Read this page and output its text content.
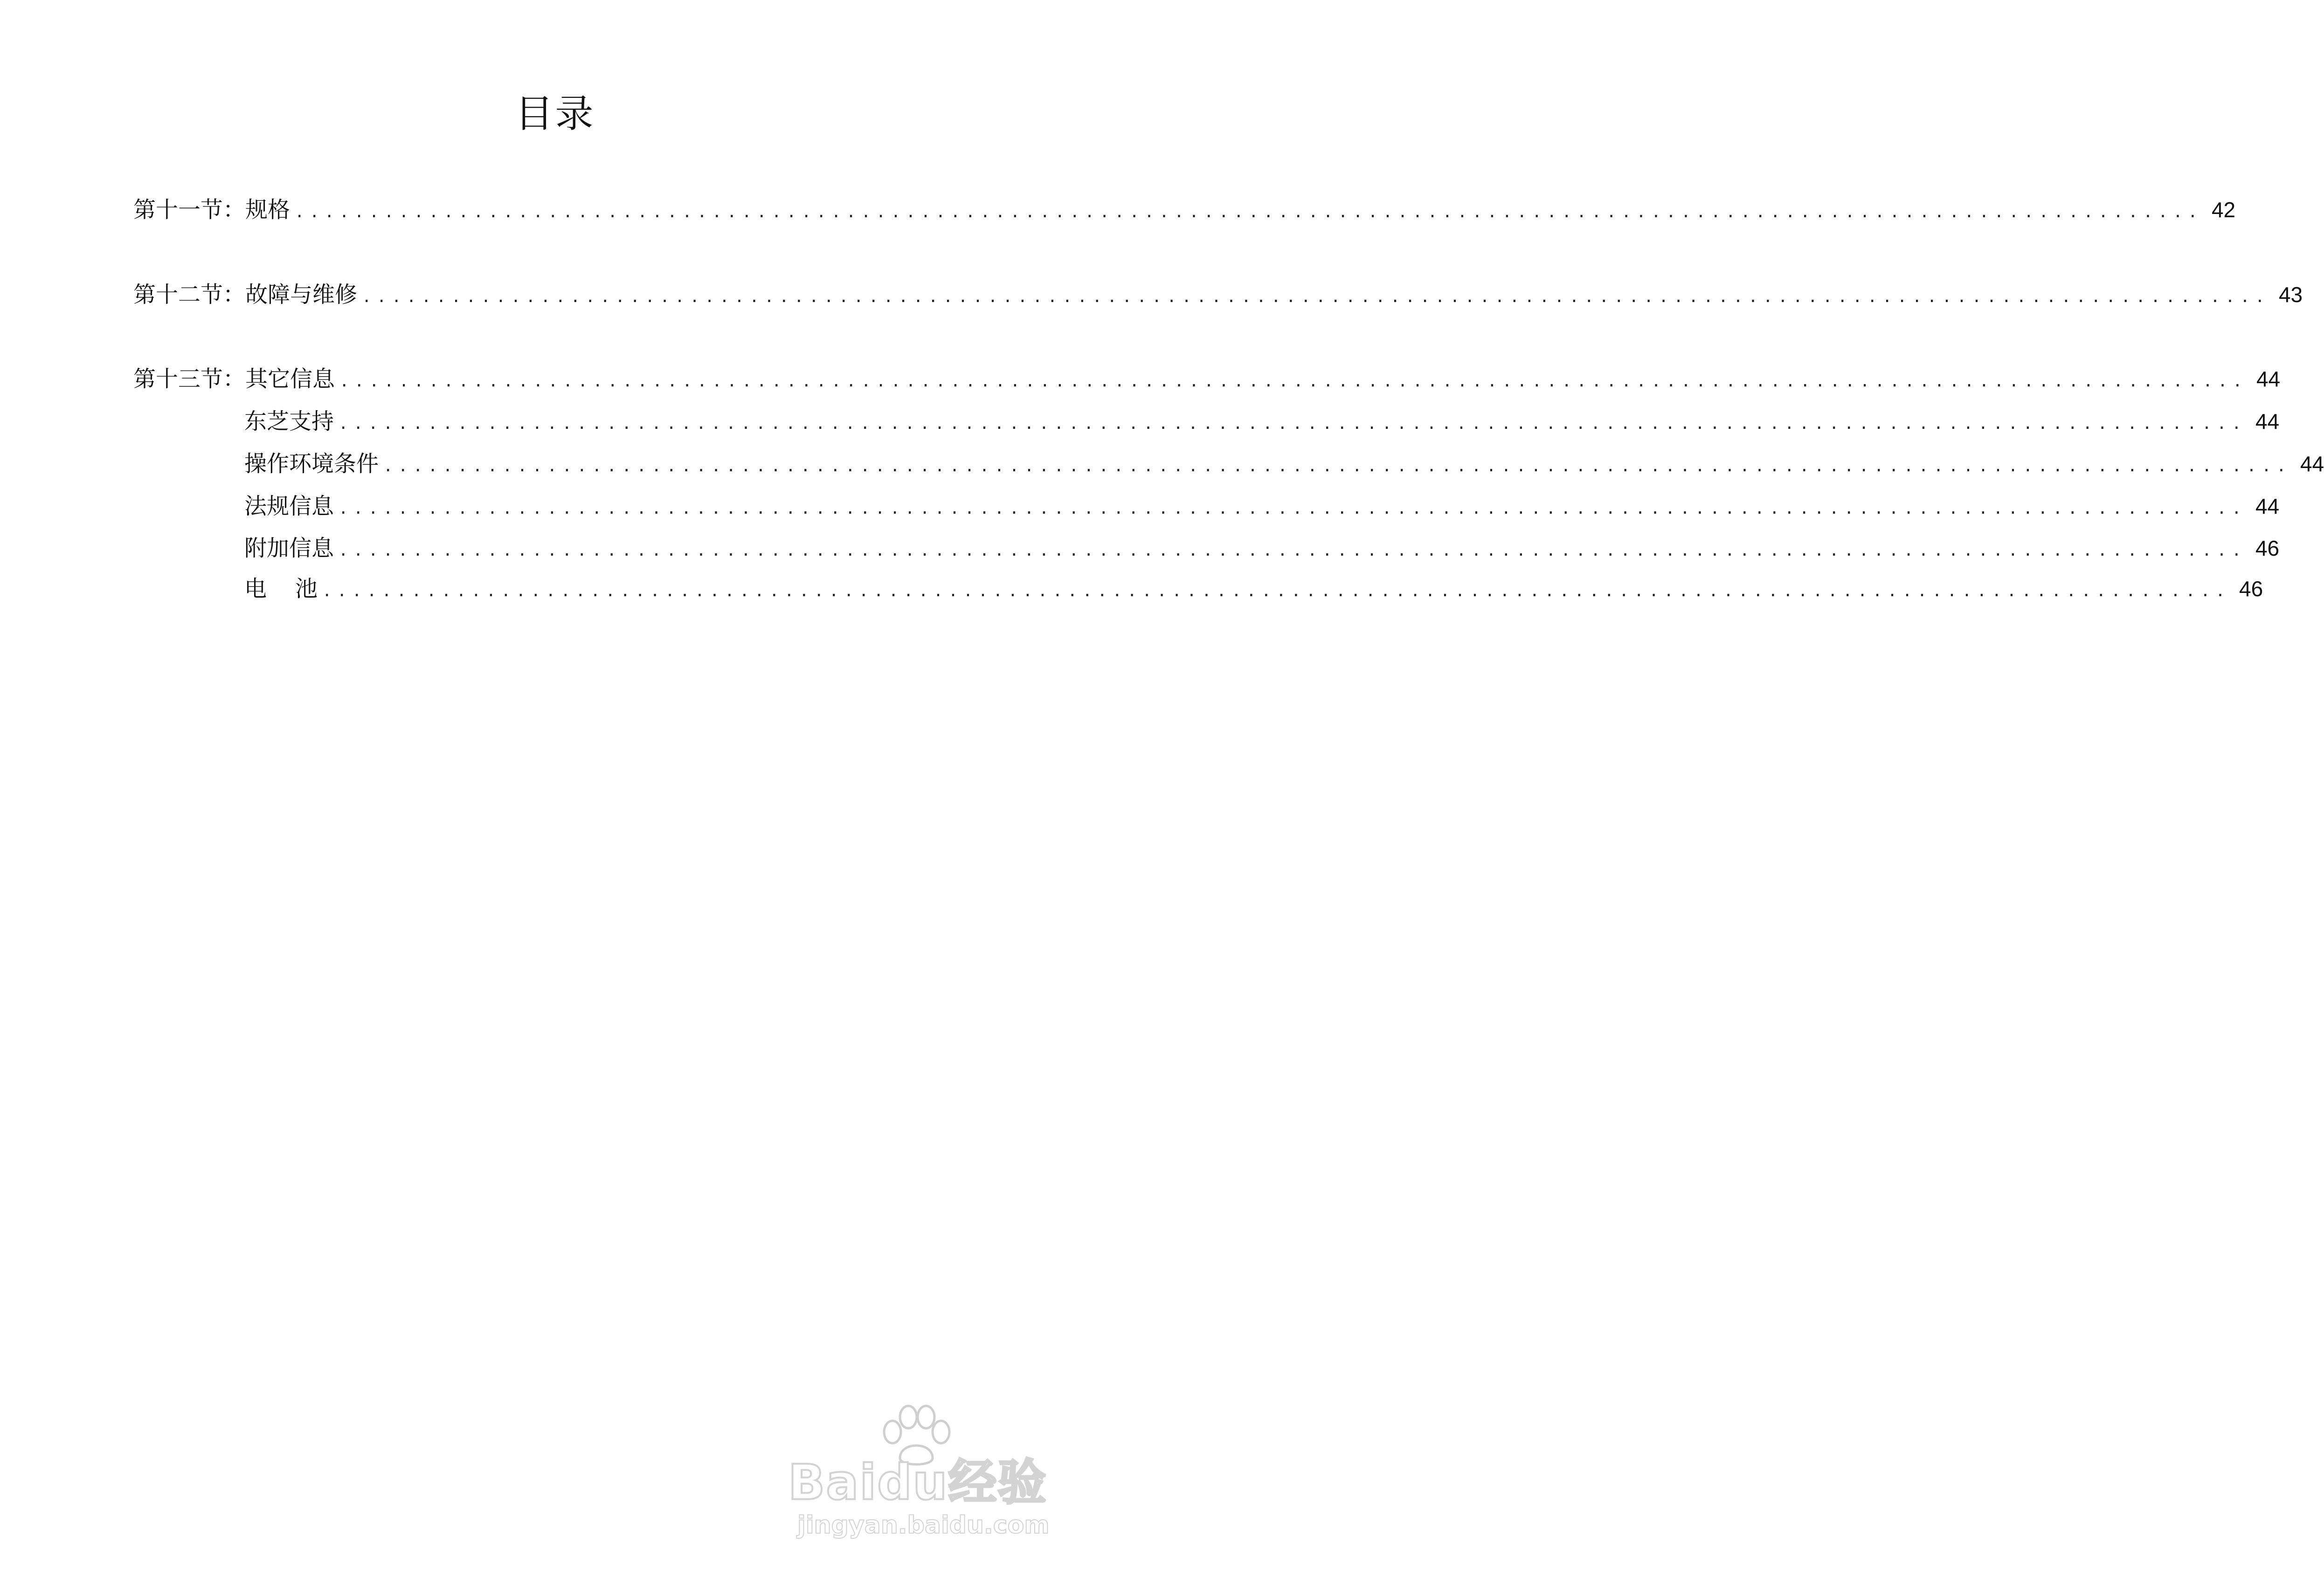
目录
第十一节：规格 ................................................................................................................................ 42
第十二节：故障与维修 ................................................................................................................................ 43
第十三节：其它信息 ................................................................................................................................ 44
东芝支持 ................................................................................................................................ 44
操作环境条件 ................................................................................................................................ 44
法规信息 ................................................................................................................................ 44
附加信息 ................................................................................................................................ 46
电    池 ................................................................................................................................ 46
Baidu经验
jingyan.baidu.com
